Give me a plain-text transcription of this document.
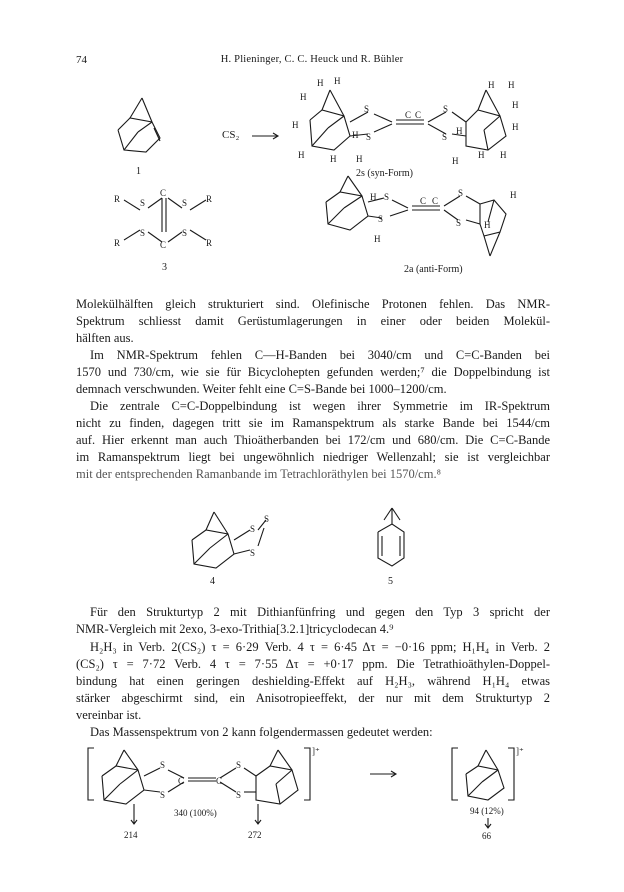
74	H. Pliening⁠er, C. C. Heuck und R. Bühler
1
CS₂
H H
H
H
S
S
C C
S
S
H
H	H H
H H
H
H
H
H
H H
2s (syn-Form)
R S
C
S R
R
S
C
S
R
3
H S
S
C C
S
S
H
H
H
2a (anti-Form)
Molekülhälften gleich strukturiert sind. Olefinische Protonen fehlen. Das NMR-
Spektrum schliesst damit Gerüstumlagerungen in einer oder beiden Molekül-
hälften aus.
Im NMR-Spektrum fehlen C—H-Banden bei 3040/cm und C=C-Banden bei
1570 und 730/cm, wie sie für Bicyclohepten gefunden werden;⁷ die Doppelbindung ist
demnach verschwunden. Weiter fehlt eine C=S-Bande bei 1000–1200/cm.
Die zentrale C=C-Doppelbindung ist wegen ihrer Symmetrie im IR-Spektrum
nicht zu finden, dagegen tritt sie im Ramanspektrum als starke Bande bei 1544/cm
auf. Hier erkennt man auch Thioätherbanden bei 172/cm und 680/cm. Die C=C-Bande
im Ramanspektrum liegt bei ungewöhnlich niedriger Wellenzahl; sie ist vergleichbar
mit der entsprechenden Ramanbande im Tetrachloräthylen bei 1570/cm.⁸
S
S
S
4	5
Für den Strukturtyp 2 mit Dithianfünfring und gegen den Typ 3 spricht der
NMR-Vergleich mit 2exo, 3-exo-Trithia[3.2.1]tricyclodecan 4.⁹
H₂H₃ in Verb. 2(CS₂) τ = 6·29 Verb. 4 τ = 6·45 Δτ = −0·16 ppm; H₁H₄ in Verb. 2
(CS₂) τ = 7·72 Verb. 4 τ = 7·55 Δτ = +0·17 ppm. Die Tetrathioäthylen-Doppel-
bindung hat einen geringen deshielding-Effekt auf H₂H₃, während H₁H₄ etwas
stärker abgeschirmt sind, ein Anisotropieeffekt, der nur mit dem Strukturtyp 2
vereinbar ist.
Das Massenspektrum von 2 kann folgendermassen gedeutet werden:
S
S
C	C
S
S
]⁺
340 (100%)
214	272
]⁺
94 (12%)
66
